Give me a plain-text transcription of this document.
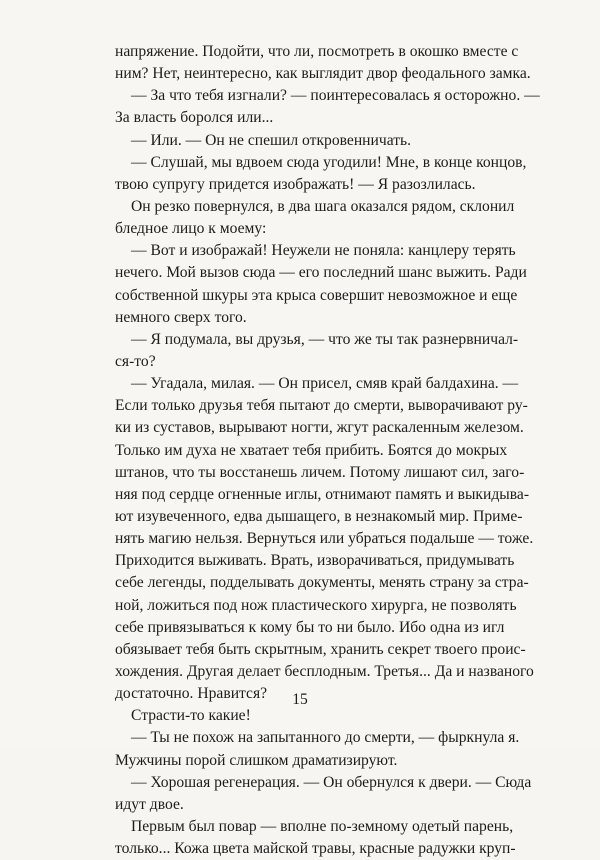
напряжение. Подойти, что ли, посмотреть в окошко вместе с
ним? Нет, неинтересно, как выглядит двор феодального замка.
— За что тебя изгнали? — поинтересовалась я осторожно. —
За власть боролся или...
— Или. — Он не спешил откровенничать.
— Слушай, мы вдвоем сюда угодили! Мне, в конце концов,
твою супругу придется изображать! — Я разозлилась.
Он резко повернулся, в два шага оказался рядом, склонил
бледное лицо к моему:
— Вот и изображай! Неужели не поняла: канцлеру терять
нечего. Мой вызов сюда — его последний шанс выжить. Ради
собственной шкуры эта крыса совершит невозможное и еще
немного сверх того.
— Я подумала, вы друзья, — что же ты так разнервничал-
ся-то?
— Угадала, милая. — Он присел, смяв край балдахина. —
Если только друзья тебя пытают до смерти, выворачивают ру-
ки из суставов, вырывают ногти, жгут раскаленным железом.
Только им духа не хватает тебя прибить. Боятся до мокрых
штанов, что ты восстанешь личем. Потому лишают сил, заго-
няя под сердце огненные иглы, отнимают память и выкидыва-
ют изувеченного, едва дышащего, в незнакомый мир. Приме-
нять магию нельзя. Вернуться или убраться подальше — тоже.
Приходится выживать. Врать, изворачиваться, придумывать
себе легенды, подделывать документы, менять страну за стра-
ной, ложиться под нож пластического хирурга, не позволять
себе привязываться к кому бы то ни было. Ибо одна из игл
обязывает тебя быть скрытным, хранить секрет твоего проис-
хождения. Другая делает бесплодным. Третья... Да и названого
достаточно. Нравится?
Страсти-то какие!
— Ты не похож на запытанного до смерти, — фыркнула я.
Мужчины порой слишком драматизируют.
— Хорошая регенерация. — Он обернулся к двери. — Сюда
идут двое.
Первым был повар — вполне по-земному одетый парень,
только... Кожа цвета майской травы, красные радужки круп-
15
